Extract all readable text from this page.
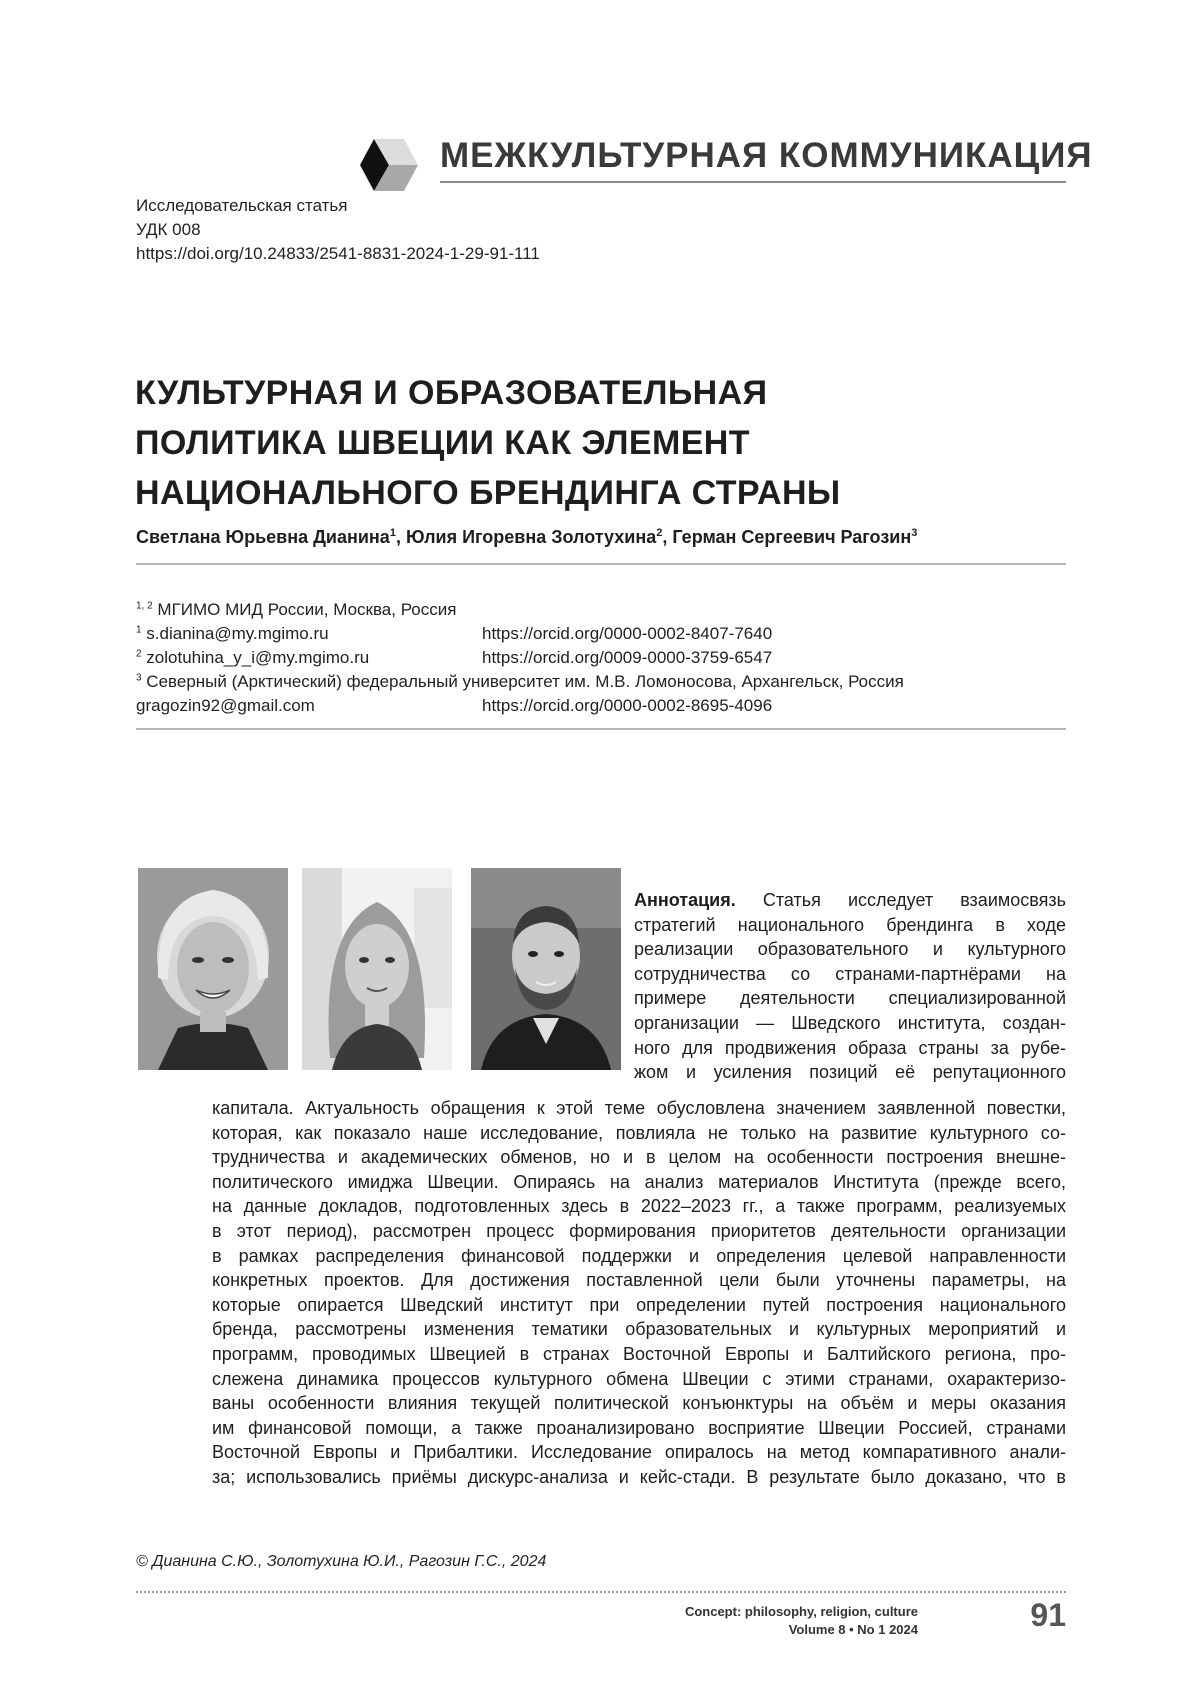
МЕЖКУЛЬТУРНАЯ КОММУНИКАЦИЯ
Исследовательская статья
УДК 008
https://doi.org/10.24833/2541-8831-2024-1-29-91-111
КУЛЬТУРНАЯ И ОБРАЗОВАТЕЛЬНАЯ
ПОЛИТИКА ШВЕЦИИ КАК ЭЛЕМЕНТ
НАЦИОНАЛЬНОГО БРЕНДИНГА СТРАНЫ
Светлана Юрьевна Дианина$^1$, Юлия Игоревна Золотухина$^2$, Герман Сергеевич Рагозин$^3$
$^{1, 2}$ МГИМО МИД России, Москва, Россия
$^1$ s.dianina@my.mgimo.ru	https://orcid.org/0000-0002-8407-7640
$^2$ zolotuhina_y_i@my.mgimo.ru	https://orcid.org/0009-0000-3759-6547
$^3$ Северный (Арктический) федеральный университет им. М.В. Ломоносова, Архангельск, Россия
gragozin92@gmail.com	https://orcid.org/0000-0002-8695-4096
Аннотация. Статья исследует взаимосвязь
стратегий национального брендинга в ходе
реализации образовательного и культурного
сотрудничества со странами-партнёрами на
примере деятельности специализированной
организации — Шведского института, создан-
ного для продвижения образа страны за рубе-
жом и усиления позиций её репутационного
капитала. Актуальность обращения к этой теме обусловлена значением заявленной повестки,
которая, как показало наше исследование, повлияла не только на развитие культурного со-
трудничества и академических обменов, но и в целом на особенности построения внешне-
политического имиджа Швеции. Опираясь на анализ материалов Института (прежде всего,
на данные докладов, подготовленных здесь в 2022–2023 гг., а также программ, реализуемых
в этот период), рассмотрен процесс формирования приоритетов деятельности организации
в рамках распределения финансовой поддержки и определения целевой направленности
конкретных проектов. Для достижения поставленной цели были уточнены параметры, на
которые опирается Шведский институт при определении путей построения национального
бренда, рассмотрены изменения тематики образовательных и культурных мероприятий и
программ, проводимых Швецией в странах Восточной Европы и Балтийского региона, про-
слежена динамика процессов культурного обмена Швеции с этими странами, охарактеризо-
ваны особенности влияния текущей политической конъюнктуры на объём и меры оказания
им финансовой помощи, а также проанализировано восприятие Швеции Россией, странами
Восточной Европы и Прибалтики. Исследование опиралось на метод компаративного анали-
за; использовались приёмы дискурс-анализа и кейс-стади. В результате было доказано, что в
© Дианина С.Ю., Золотухина Ю.И., Рагозин Г.С., 2024
Concept: philosophy, religion, culture
Volume 8 • No 1 2024	91
